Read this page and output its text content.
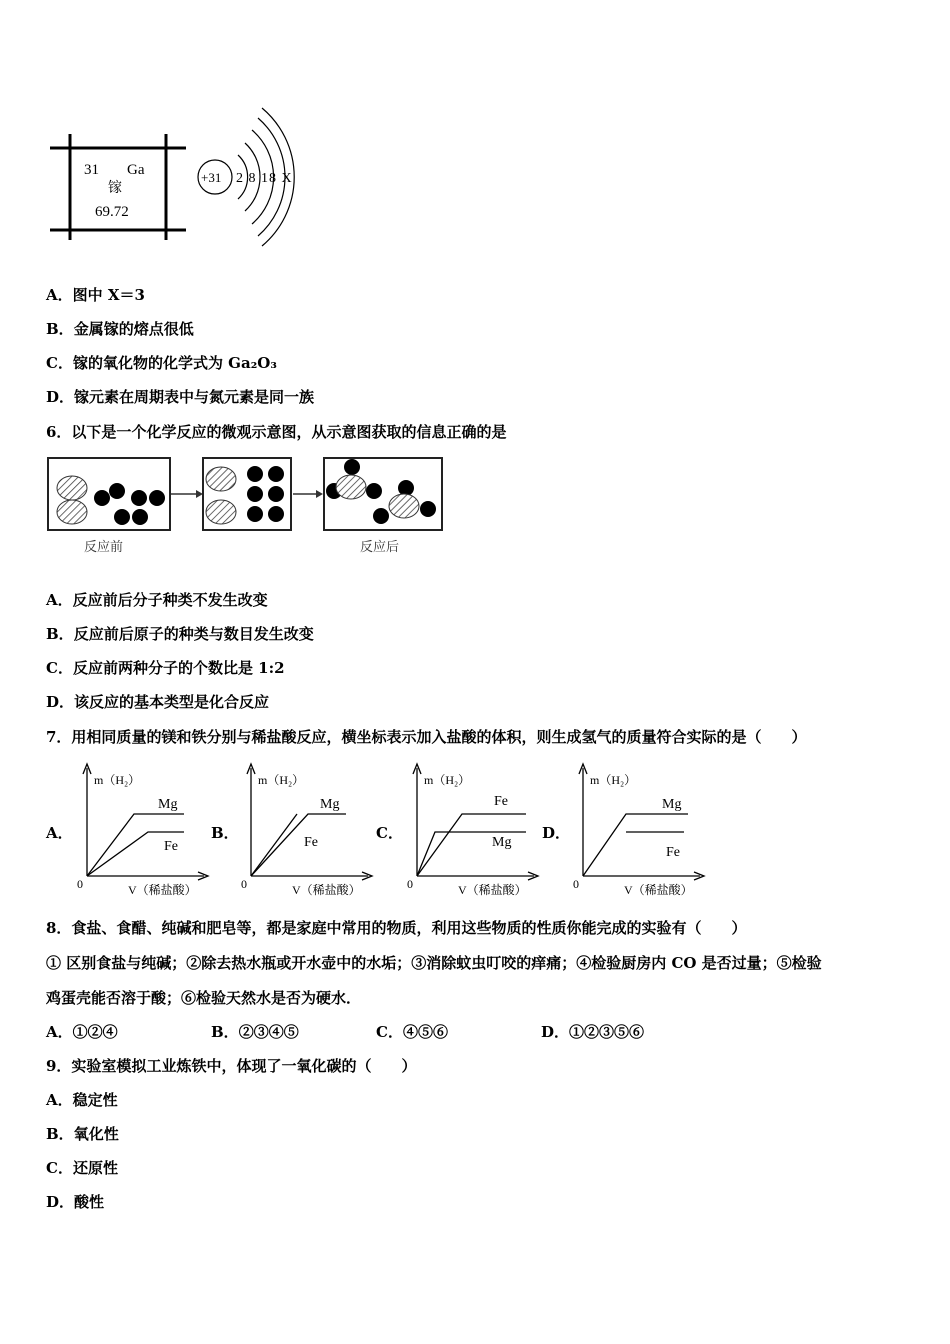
31 Ga
镓
69.72
+31 2 8 18 X
A．图中 X＝3
B．金属镓的熔点很低
C．镓的氧化物的化学式为 Ga₂O₃
D．镓元素在周期表中与氮元素是同一族
6．以下是一个化学反应的微观示意图，从示意图获取的信息正确的是
反应前	反应后
A．反应前后分子种类不发生改变
B．反应前后原子的种类与数目发生改变
C．反应前两种分子的个数比是 1:2
D．该反应的基本类型是化合反应
7．用相同质量的镁和铁分别与稀盐酸反应，横坐标表示加入盐酸的体积，则生成氢气的质量符合实际的是（　　）
A．	B．	C．	D．
m（H₂）
Mg
Fe
0	V（稀盐酸）
m（H₂）
Mg
Fe
0	V（稀盐酸）
m（H₂）
Fe
Mg
0	V（稀盐酸）
m（H₂）
Mg
Fe
0	V（稀盐酸）
8．食盐、食醋、纯碱和肥皂等，都是家庭中常用的物质，利用这些物质的性质你能完成的实验有（　　）
① 区别食盐与纯碱；②除去热水瓶或开水壶中的水垢；③消除蚊虫叮咬的痒痛；④检验厨房内 CO 是否过量；⑤检验
鸡蛋壳能否溶于酸；⑥检验天然水是否为硬水．
A．①②④	B．②③④⑤	C．④⑤⑥	D．①②③⑤⑥
9．实验室模拟工业炼铁中，体现了一氧化碳的（　　）
A．稳定性
B．氧化性
C．还原性
D．酸性
